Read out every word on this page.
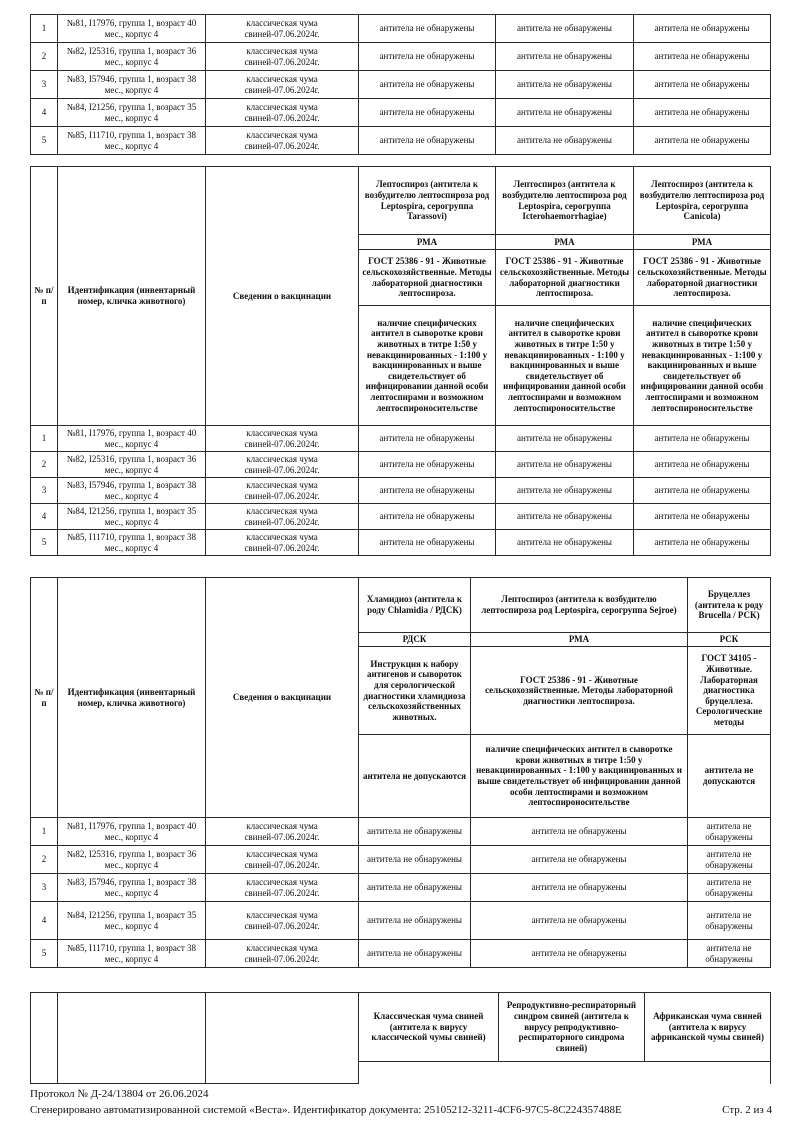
1	№81, I17976, группа 1, возраст 40 мес., корпус 4	классическая чума свиней-07.06.2024г.	антитела не обнаружены	антитела не обнаружены	антитела не обнаружены
2	№82, I25316, группа 1, возраст 36 мес., корпус 4	классическая чума свиней-07.06.2024г.	антитела не обнаружены	антитела не обнаружены	антитела не обнаружены
3	№83, I57946, группа 1, возраст 38 мес., корпус 4	классическая чума свиней-07.06.2024г.	антитела не обнаружены	антитела не обнаружены	антитела не обнаружены
4	№84, I21256, группа 1, возраст 35 мес., корпус 4	классическая чума свиней-07.06.2024г.	антитела не обнаружены	антитела не обнаружены	антитела не обнаружены
5	№85, I11710, группа 1, возраст 38 мес., корпус 4	классическая чума свиней-07.06.2024г.	антитела не обнаружены	антитела не обнаружены	антитела не обнаружены
№ п/п	Идентификация (инвентарный номер, кличка животного)	Сведения о вакцинации	Лептоспироз (антитела к возбудителю лептоспироза род Leptospira, серогруппа Tarassovi)	Лептоспироз (антитела к возбудителю лептоспироза род Leptospira, серогруппа Icterohaemorrhagiae)	Лептоспироз (антитела к возбудителю лептоспироза род Leptospira, серогруппа Canicola)
			РМА	РМА	РМА
			ГОСТ 25386 - 91 - Животные сельскохозяйственные. Методы лабораторной диагностики лептоспироза.	ГОСТ 25386 - 91 - Животные сельскохозяйственные. Методы лабораторной диагностики лептоспироза.	ГОСТ 25386 - 91 - Животные сельскохозяйственные. Методы лабораторной диагностики лептоспироза.
наличие специфических антител в сыворотке крови животных в титре 1:50 у невакцинированных - 1:100 у вакцинированных и выше свидетельствует об инфицировании данной особи лептоспирами и возможном лептоспироносительстве	наличие специфических антител в сыворотке крови животных в титре 1:50 у невакцинированных - 1:100 у вакцинированных и выше свидетельствует об инфицировании данной особи лептоспирами и возможном лептоспироносительстве	наличие специфических антител в сыворотке крови животных в титре 1:50 у невакцинированных - 1:100 у вакцинированных и выше свидетельствует об инфицировании данной особи лептоспирами и возможном лептоспироносительстве
1	№81, I17976, группа 1, возраст 40 мес., корпус 4	классическая чума свиней-07.06.2024г.	антитела не обнаружены	антитела не обнаружены	антитела не обнаружены
2	№82, I25316, группа 1, возраст 36 мес., корпус 4	классическая чума свиней-07.06.2024г.	антитела не обнаружены	антитела не обнаружены	антитела не обнаружены
3	№83, I57946, группа 1, возраст 38 мес., корпус 4	классическая чума свиней-07.06.2024г.	антитела не обнаружены	антитела не обнаружены	антитела не обнаружены
4	№84, I21256, группа 1, возраст 35 мес., корпус 4	классическая чума свиней-07.06.2024г.	антитела не обнаружены	антитела не обнаружены	антитела не обнаружены
5	№85, I11710, группа 1, возраст 38 мес., корпус 4	классическая чума свиней-07.06.2024г.	антитела не обнаружены	антитела не обнаружены	антитела не обнаружены
№ п/п	Идентификация (инвентарный номер, кличка животного)	Сведения о вакцинации	Хламидиоз (антитела к роду Chlamidia / РДСК)	Лептоспироз (антитела к возбудителю лептоспироза род Leptospira, серогруппа Sejroe)	Бруцеллез (антитела к роду Brucella / РСК)
			РДСК	РМА	РСК
			Инструкция к набору антигенов и сывороток для серологической диагностики хламидиоза сельскохозяйственных животных.	ГОСТ 25386 - 91 - Животные сельскохозяйственные. Методы лабораторной диагностики лептоспироза.	ГОСТ 34105 - Животные. Лабораторная диагностика бруцеллеза. Серологические методы
			антитела не допускаются	наличие специфических антител в сыворотке крови животных в титре 1:50 у невакцинированных - 1:100 у вакцинированных и выше свидетельствует об инфицировании данной особи лептоспирами и возможном лептоспироносительстве	антитела не допускаются
1	№81, I17976, группа 1, возраст 40 мес., корпус 4	классическая чума свиней-07.06.2024г.	антитела не обнаружены	антитела не обнаружены	антитела не обнаружены
2	№82, I25316, группа 1, возраст 36 мес., корпус 4	классическая чума свиней-07.06.2024г.	антитела не обнаружены	антитела не обнаружены	антитела не обнаружены
3	№83, I57946, группа 1, возраст 38 мес., корпус 4	классическая чума свиней-07.06.2024г.	антитела не обнаружены	антитела не обнаружены	антитела не обнаружены
4	№84, I21256, группа 1, возраст 35 мес., корпус 4	классическая чума свиней-07.06.2024г.	антитела не обнаружены	антитела не обнаружены	антитела не обнаружены
5	№85, I11710, группа 1, возраст 38 мес., корпус 4	классическая чума свиней-07.06.2024г.	антитела не обнаружены	антитела не обнаружены	антитела не обнаружены
			Классическая чума свиней (антитела к вирусу классической чумы свиней)	Репродуктивно-респираторный синдром свиней (антитела к вирусу репродуктивно-респираторного синдрома свиней)	Африканская чума свиней (антитела к вирусу африканской чумы свиней)

Протокол № Д-24/13804 от 26.06.2024
Сгенерировано автоматизированной системой «Веста». Идентификатор документа: 25105212-3211-4CF6-97C5-8C224357488E	Стр. 2 из 4
